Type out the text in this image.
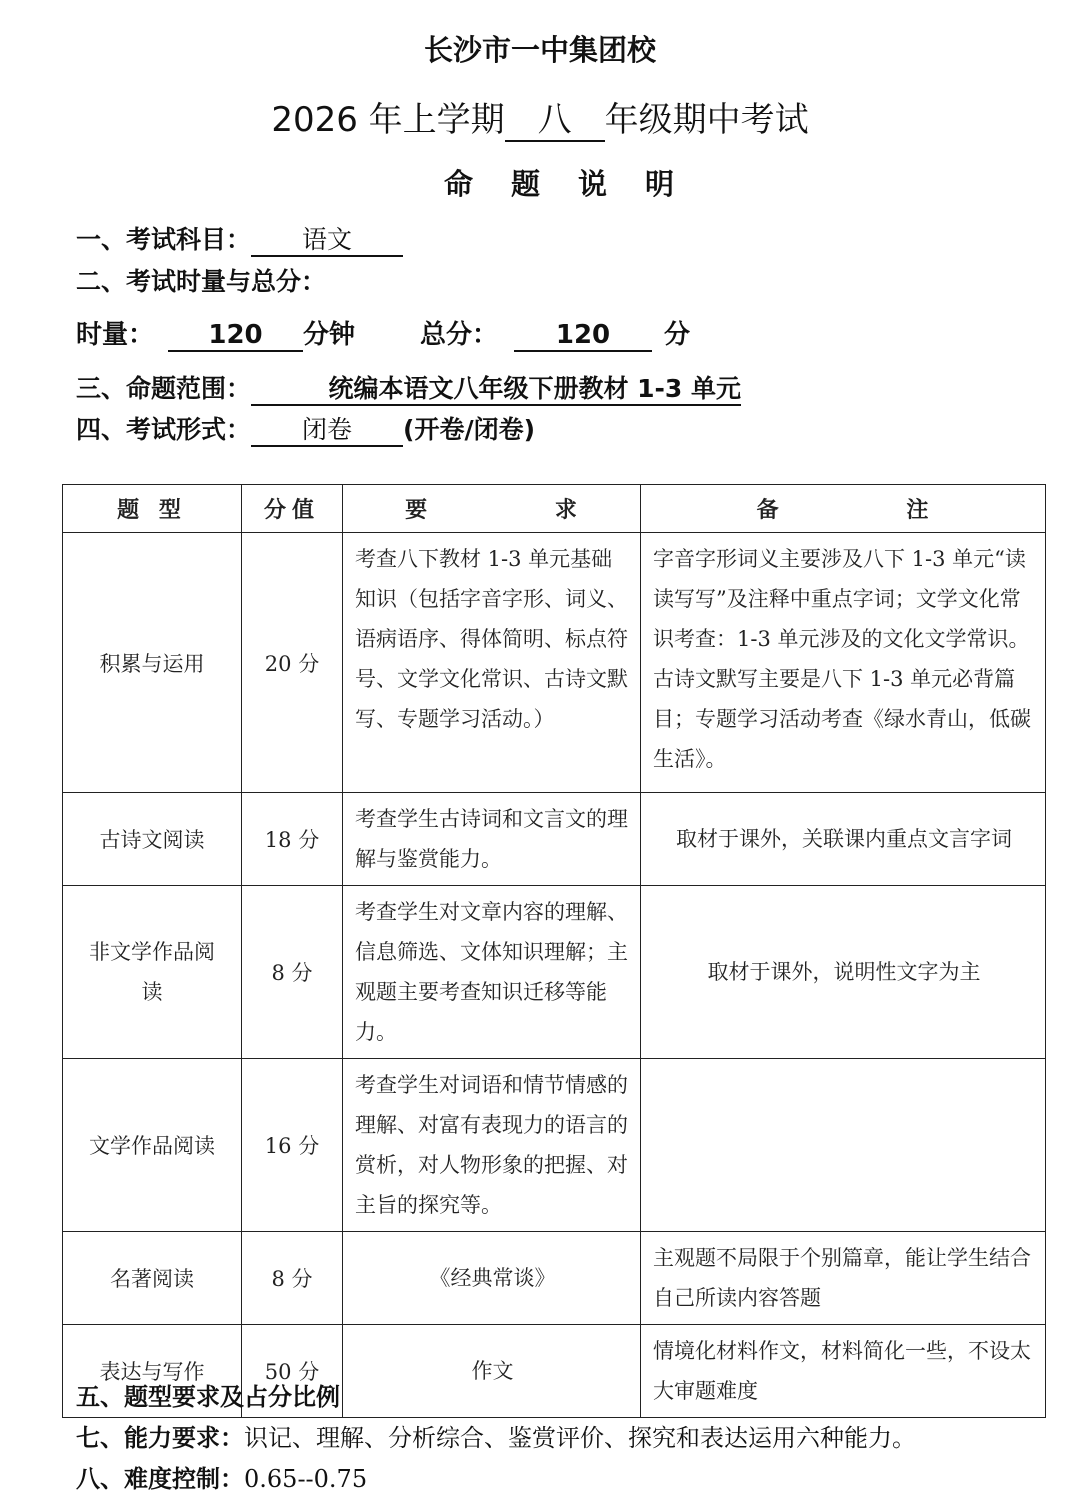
长沙市一中集团校
2026 年上学期 八 年级期中考试
命题说明
一、考试科目： 语文
二、考试时量与总分：
时量： 120 分钟 总分： 120 分
三、命题范围：	统编本语文八年级下册教材 1-3 单元
四、考试形式： 闭卷 (开卷/闭卷)
题 型	分值	要 求	备 注
积累与运用	20 分	考查八下教材 1-3 单元基础知识（包括字音字形、词义、语病语序、得体简明、标点符号、文学文化常识、古诗文默写、专题学习活动。）	字音字形词义主要涉及八下 1-3 单元“读读写写”及注释中重点字词；文学文化常识考查：1-3 单元涉及的文化文学常识。古诗文默写主要是八下 1-3 单元必背篇目；专题学习活动考查《绿水青山，低碳生活》。
古诗文阅读	18 分	考查学生古诗词和文言文的理解与鉴赏能力。	取材于课外，关联课内重点文言字词
非文学作品阅读	8 分	考查学生对文章内容的理解、信息筛选、文体知识理解；主观题主要考查知识迁移等能力。	取材于课外，说明性文字为主
文学作品阅读	16 分	考查学生对词语和情节情感的理解、对富有表现力的语言的赏析，对人物形象的把握、对主旨的探究等。	
名著阅读	8 分	《经典常谈》	主观题不局限于个别篇章，能让学生结合自己所读内容答题
表达与写作	50 分	作文	情境化材料作文，材料简化一些，不设太大审题难度
五、题型要求及占分比例
七、能力要求：识记、理解、分析综合、鉴赏评价、探究和表达运用六种能力。
八、难度控制：0.65--0.75
